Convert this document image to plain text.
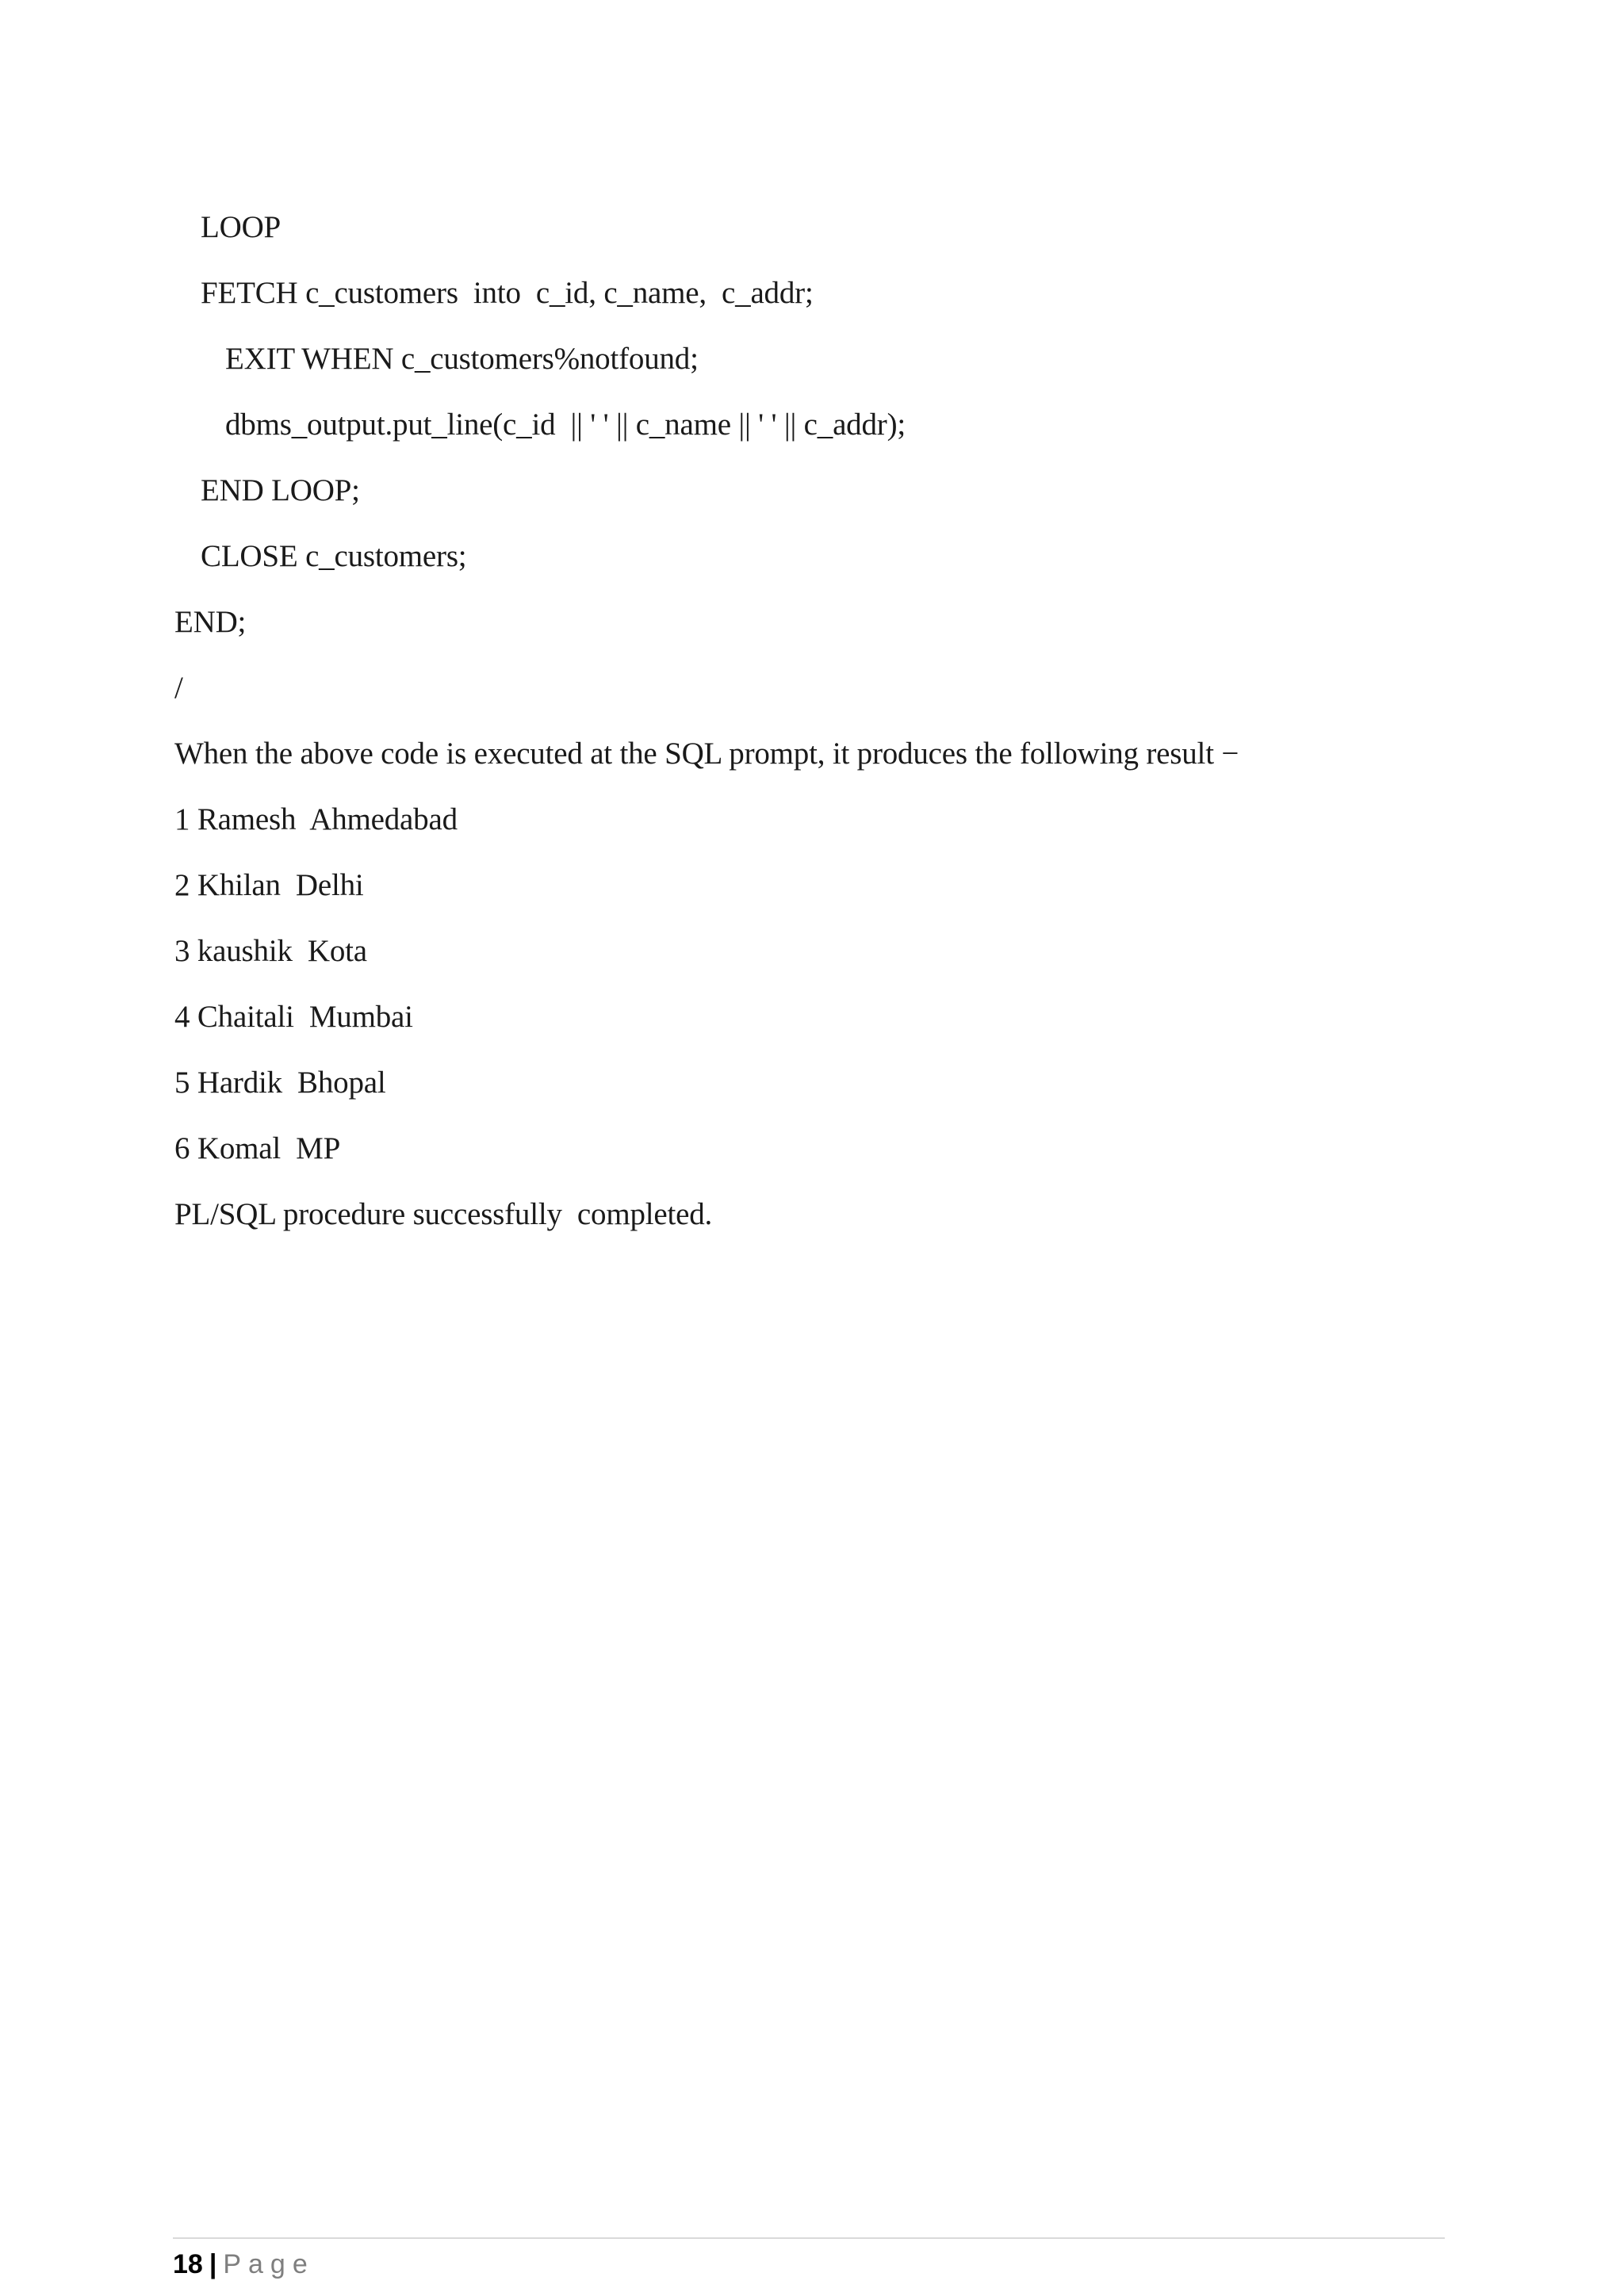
LOOP
FETCH c_customers  into  c_id, c_name,  c_addr;
EXIT WHEN c_customers%notfound;
dbms_output.put_line(c_id  || ' ' || c_name || ' ' || c_addr);
END LOOP;
CLOSE c_customers;
END;
/
When the above code is executed at the SQL prompt, it produces the following result −
1 Ramesh  Ahmedabad
2 Khilan  Delhi
3 kaushik  Kota
4 Chaitali  Mumbai
5 Hardik  Bhopal
6 Komal  MP
PL/SQL procedure successfully  completed.
18 | Page
